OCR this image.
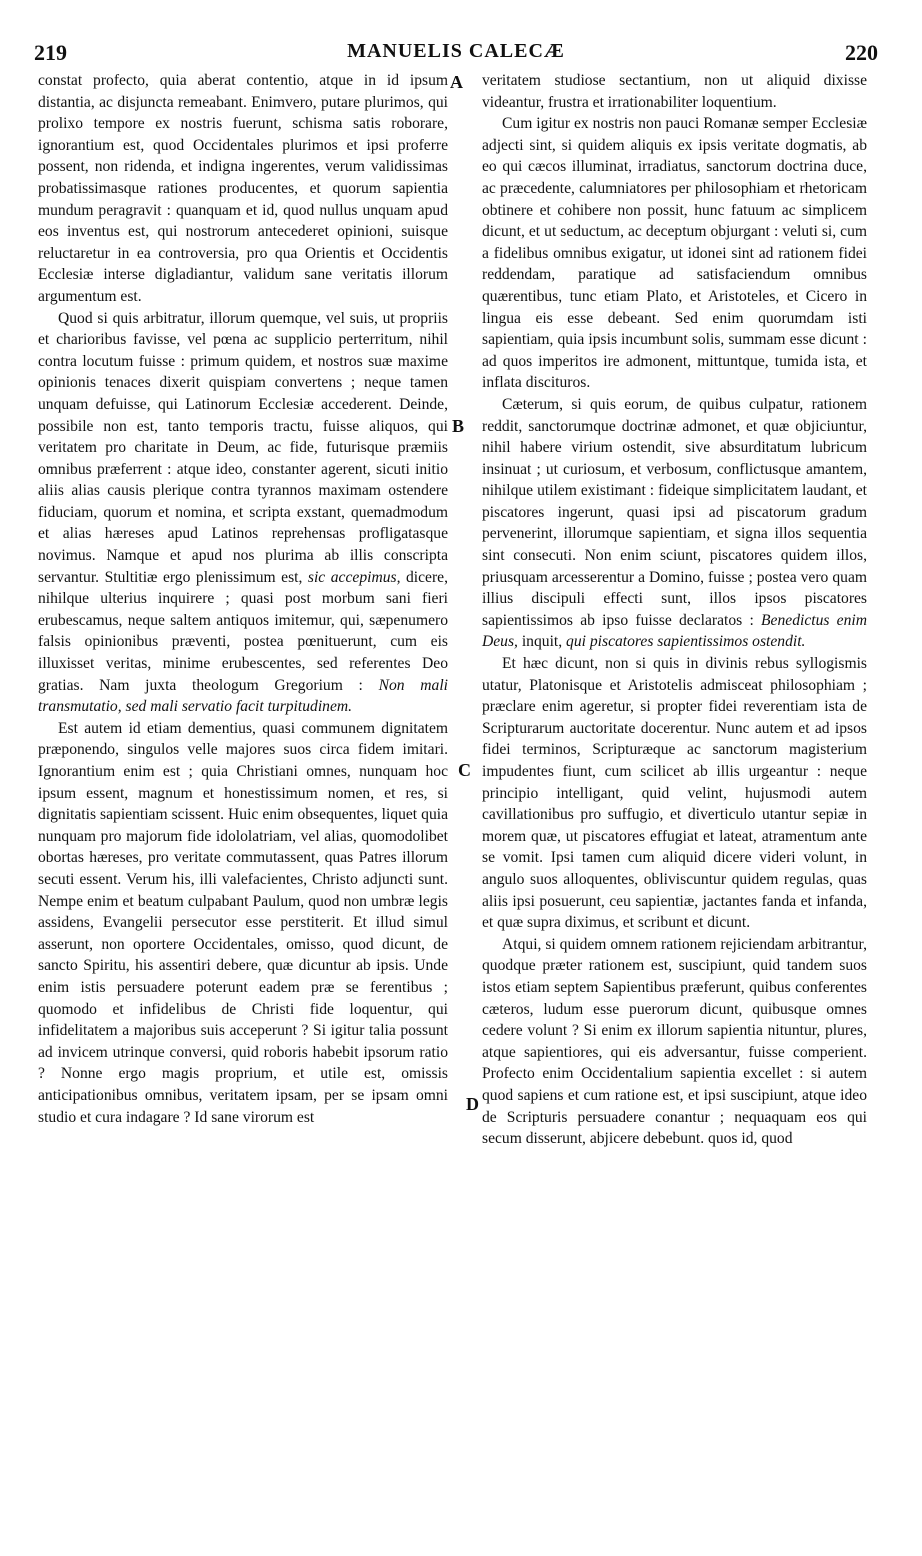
219	MANUELIS CALECÆ	220

constat profecto, quia aberat contentio, atque in id ipsum distantia, ac disjuncta remeabant. Enimvero, putare plurimos, qui prolixo tempore ex nostris fuerunt, schisma satis roborare, ignorantium est, quod Occidentales plurimos et ipsi proferre possent, non ridenda, et indigna ingerentes, verum validissimas probatissimasque rationes producentes, et quorum sapientia mundum peragravit : quanquam et id, quod nullus unquam apud eos inventus est, qui nostrorum antecederet opinioni, suisque reluctaretur in ea controversia, pro qua Orientis et Occidentis Ecclesiæ interse digladiantur, validum sane veritatis illorum argumentum est.

Quod si quis arbitratur, illorum quemque, vel suis, ut propriis et charioribus favisse, vel pœna ac supplicio perterritum, nihil contra locutum fuisse : primum quidem, et nostros suæ maxime opinionis tenaces dixerit quispiam convertens ; neque tamen unquam defuisse, qui Latinorum Ecclesiæ accederent. Deinde, possibile non est, tanto temporis tractu, fuisse aliquos, qui veritatem pro charitate in Deum, ac fide, futurisque præmiis omnibus præferrent : atque ideo, constanter agerent, sicuti initio aliis alias causis plerique contra tyrannos maximam ostendere fiduciam, quorum et nomina, et scripta exstant, quemadmodum et alias hæreses apud Latinos reprehensas profligatasque novimus. Namque et apud nos plurima ab illis conscripta servantur. Stultitiæ ergo plenissimum est, sic accepimus, dicere, nihilque ulterius inquirere ; quasi post morbum sani fieri erubescamus, neque saltem antiquos imitemur, qui, sæpenumero falsis opinionibus præventi, postea pœnituerunt, cum eis illuxisset veritas, minime erubescentes, sed referentes Deo gratias. Nam juxta theologum Gregorium : Non mali transmutatio, sed mali servatio facit turpitudinem.

Est autem id etiam dementius, quasi communem dignitatem præponendo, singulos velle majores suos circa fidem imitari. Ignorantium enim est ; quia Christiani omnes, nunquam hoc ipsum essent, magnum et honestissimum nomen, et res, si dignitatis sapientiam scissent. Huic enim obsequentes, liquet quia nunquam pro majorum fide idololatriam, vel alias, quomodolibet obortas hæreses, pro veritate commutassent, quas Patres illorum secuti essent. Verum his, illi valefacientes, Christo adjuncti sunt. Nempe enim et beatum culpabant Paulum, quod non umbræ legis assidens, Evangelii persecutor esse perstiterit. Et illud simul asserunt, non oportere Occidentales, omisso, quod dicunt, de sancto Spiritu, his assentiri debere, quæ dicuntur ab ipsis. Unde enim istis persuadere poterunt eadem præ se ferentibus ; quomodo et infidelibus de Christi fide loquentur, qui infidelitatem a majoribus suis acceperunt ? Si igitur talia possunt ad invicem utrinque conversi, quid roboris habebit ipsorum ratio ? Nonne ergo magis proprium, et utile est, omissis anticipationibus omnibus, veritatem ipsam, per se ipsam omni studio et cura indagare ? Id sane virorum est

A
B
C
D

veritatem studiose sectantium, non ut aliquid dixisse videantur, frustra et irrationabiliter loquentium.

Cum igitur ex nostris non pauci Romanæ semper Ecclesiæ adjecti sint, si quidem aliquis ex ipsis veritate dogmatis, ab eo qui cæcos illuminat, irradiatus, sanctorum doctrina duce, ac præcedente, calumniatores per philosophiam et rhetoricam obtinere et cohibere non possit, hunc fatuum ac simplicem dicunt, et ut seductum, ac deceptum objurgant : veluti si, cum a fidelibus omnibus exigatur, ut idonei sint ad rationem fidei reddendam, paratique ad satisfaciendum omnibus quærentibus, tunc etiam Plato, et Aristoteles, et Cicero in lingua eis esse debeant. Sed enim quorumdam isti sapientiam, quia ipsis incumbunt solis, summam esse dicunt : ad quos imperitos ire admonent, mittuntque, tumida ista, et inflata discituros.

Cæterum, si quis eorum, de quibus culpatur, rationem reddit, sanctorumque doctrinæ admonet, et quæ objiciuntur, nihil habere virium ostendit, sive absurditatum lubricum insinuat ; ut curiosum, et verbosum, conflictusque amantem, nihilque utilem existimant : fideique simplicitatem laudant, et piscatores ingerunt, quasi ipsi ad piscatorum gradum pervenerint, illorumque sapientiam, et signa illos sequentia sint consecuti. Non enim sciunt, piscatores quidem illos, priusquam arcesserentur a Domino, fuisse ; postea vero quam illius discipuli effecti sunt, illos ipsos piscatores sapientissimos ab ipso fuisse declaratos : Benedictus enim Deus, inquit, qui piscatores sapientissimos ostendit.

Et hæc dicunt, non si quis in divinis rebus syllogismis utatur, Platonisque et Aristotelis admisceat philosophiam ; præclare enim ageretur, si propter fidei reverentiam ista de Scripturarum auctoritate docerentur. Nunc autem et ad ipsos fidei terminos, Scripturæque ac sanctorum magisterium impudentes fiunt, cum scilicet ab illis urgeantur : neque principio intelligant, quid velint, hujusmodi autem cavillationibus pro suffugio, et diverticulo utantur sepiæ in morem quæ, ut piscatores effugiat et lateat, atramentum ante se vomit. Ipsi tamen cum aliquid dicere videri volunt, in angulo suos alloquentes, obliviscuntur quidem regulas, quas aliis ipsi posuerunt, ceu sapientiæ, jactantes fanda et infanda, et quæ supra diximus, et scribunt et dicunt.

Atqui, si quidem omnem rationem rejiciendam arbitrantur, quodque præter rationem est, suscipiunt, quid tandem suos istos etiam septem Sapientibus præferunt, quibus conferentes cæteros, ludum esse puerorum dicunt, quibusque omnes cedere volunt ? Si enim ex illorum sapientia nituntur, plures, atque sapientiores, qui eis adversantur, fuisse comperient. Profecto enim Occidentalium sapientia excellet : si autem quod sapiens et cum ratione est, et ipsi suscipiunt, atque ideo de Scripturis persuadere conantur ; nequaquam eos qui secum disserunt, abjicere debebunt. quos id, quod
